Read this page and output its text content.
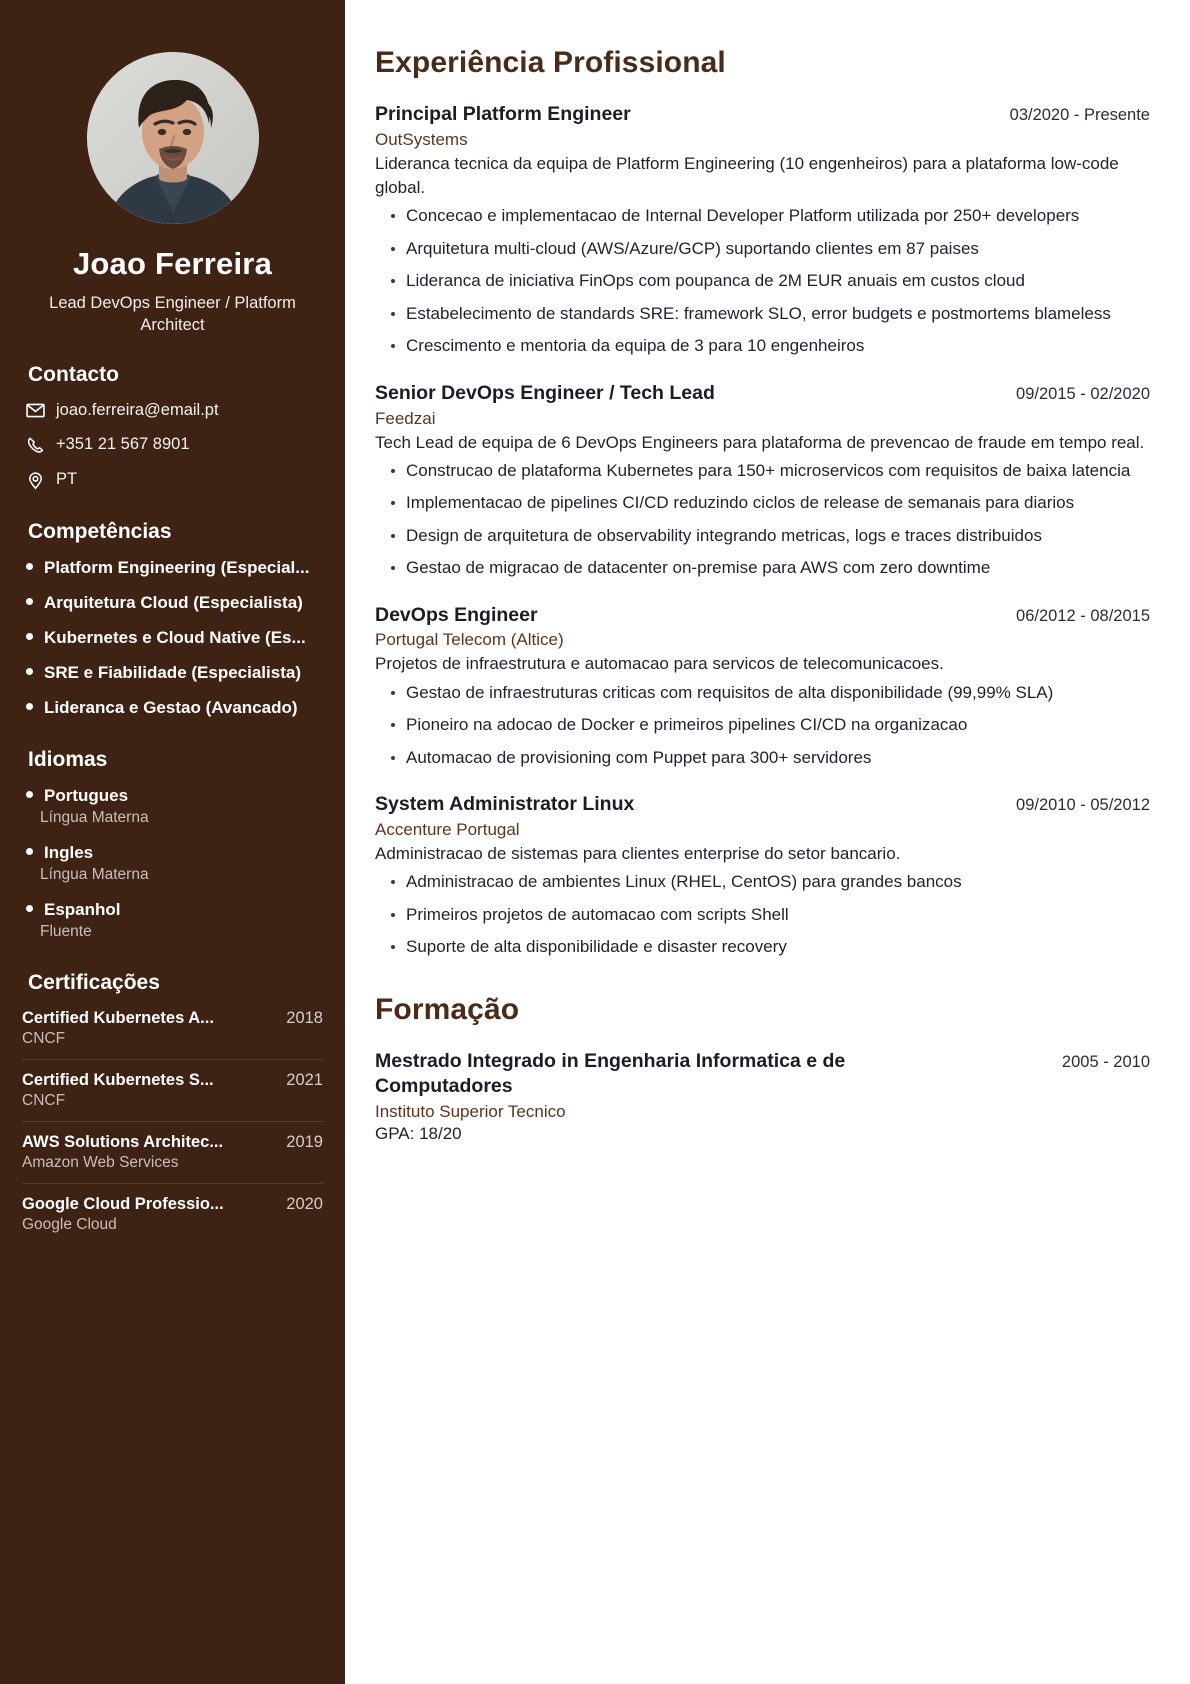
Joao Ferreira
Lead DevOps Engineer / Platform Architect
Contacto
joao.ferreira@email.pt
+351 21 567 8901
PT
Competências
Platform Engineering (Especial...
Arquitetura Cloud (Especialista)
Kubernetes e Cloud Native (Es...
SRE e Fiabilidade (Especialista)
Lideranca e Gestao (Avancado)
Idiomas
Portugues
Língua Materna
Ingles
Língua Materna
Espanhol
Fluente
Certificações
Certified Kubernetes A...	2018
CNCF
Certified Kubernetes S...	2021
CNCF
AWS Solutions Architec...	2019
Amazon Web Services
Google Cloud Professio...	2020
Google Cloud
Experiência Profissional
Principal Platform Engineer	03/2020 - Presente
OutSystems
Lideranca tecnica da equipa de Platform Engineering (10 engenheiros) para a plataforma low-code global.
Concecao e implementacao de Internal Developer Platform utilizada por 250+ developers
Arquitetura multi-cloud (AWS/Azure/GCP) suportando clientes em 87 paises
Lideranca de iniciativa FinOps com poupanca de 2M EUR anuais em custos cloud
Estabelecimento de standards SRE: framework SLO, error budgets e postmortems blameless
Crescimento e mentoria da equipa de 3 para 10 engenheiros
Senior DevOps Engineer / Tech Lead	09/2015 - 02/2020
Feedzai
Tech Lead de equipa de 6 DevOps Engineers para plataforma de prevencao de fraude em tempo real.
Construcao de plataforma Kubernetes para 150+ microservicos com requisitos de baixa latencia
Implementacao de pipelines CI/CD reduzindo ciclos de release de semanais para diarios
Design de arquitetura de observability integrando metricas, logs e traces distribuidos
Gestao de migracao de datacenter on-premise para AWS com zero downtime
DevOps Engineer	06/2012 - 08/2015
Portugal Telecom (Altice)
Projetos de infraestrutura e automacao para servicos de telecomunicacoes.
Gestao de infraestruturas criticas com requisitos de alta disponibilidade (99,99% SLA)
Pioneiro na adocao de Docker e primeiros pipelines CI/CD na organizacao
Automacao de provisioning com Puppet para 300+ servidores
System Administrator Linux	09/2010 - 05/2012
Accenture Portugal
Administracao de sistemas para clientes enterprise do setor bancario.
Administracao de ambientes Linux (RHEL, CentOS) para grandes bancos
Primeiros projetos de automacao com scripts Shell
Suporte de alta disponibilidade e disaster recovery
Formação
Mestrado Integrado in Engenharia Informatica e de Computadores
2005 - 2010
Instituto Superior Tecnico
GPA: 18/20
